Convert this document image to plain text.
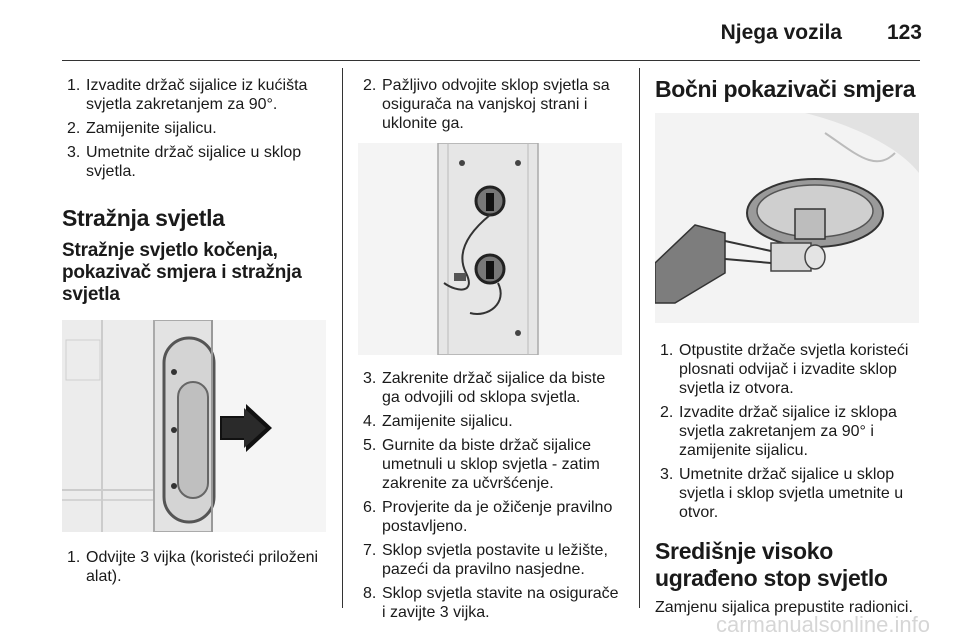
Njega vozila 123
1. Izvadite držač sijalice iz kućišta svjetla zakretanjem za 90°.
2. Zamijenite sijalicu.
3. Umetnite držač sijalice u sklop svjetla.
Stražnja svjetla
Stražnje svjetlo kočenja, pokazivač smjera i stražnja svjetla
1. Odvijte 3 vijka (koristeći priloženi alat).
2. Pažljivo odvojite sklop svjetla sa osigurača na vanjskoj strani i uklonite ga.
3. Zakrenite držač sijalice da biste ga odvojili od sklopa svjetla.
4. Zamijenite sijalicu.
5. Gurnite da biste držač sijalice umetnuli u sklop svjetla - zatim zakrenite za učvršćenje.
6. Provjerite da je ožičenje pravilno postavljeno.
7. Sklop svjetla postavite u ležište, pazeći da pravilno nasjedne.
8. Sklop svjetla stavite na osigurače i zavijte 3 vijka.
Bočni pokazivači smjera
1. Otpustite držače svjetla koristeći plosnati odvijač i izvadite sklop svjetla iz otvora.
2. Izvadite držač sijalice iz sklopa svjetla zakretanjem za 90° i zamijenite sijalicu.
3. Umetnite držač sijalice u sklop svjetla i sklop svjetla umetnite u otvor.
Središnje visoko ugrađeno stop svjetlo

Zamjenu sijalica prepustite radionici.

carmanualsonline.info
